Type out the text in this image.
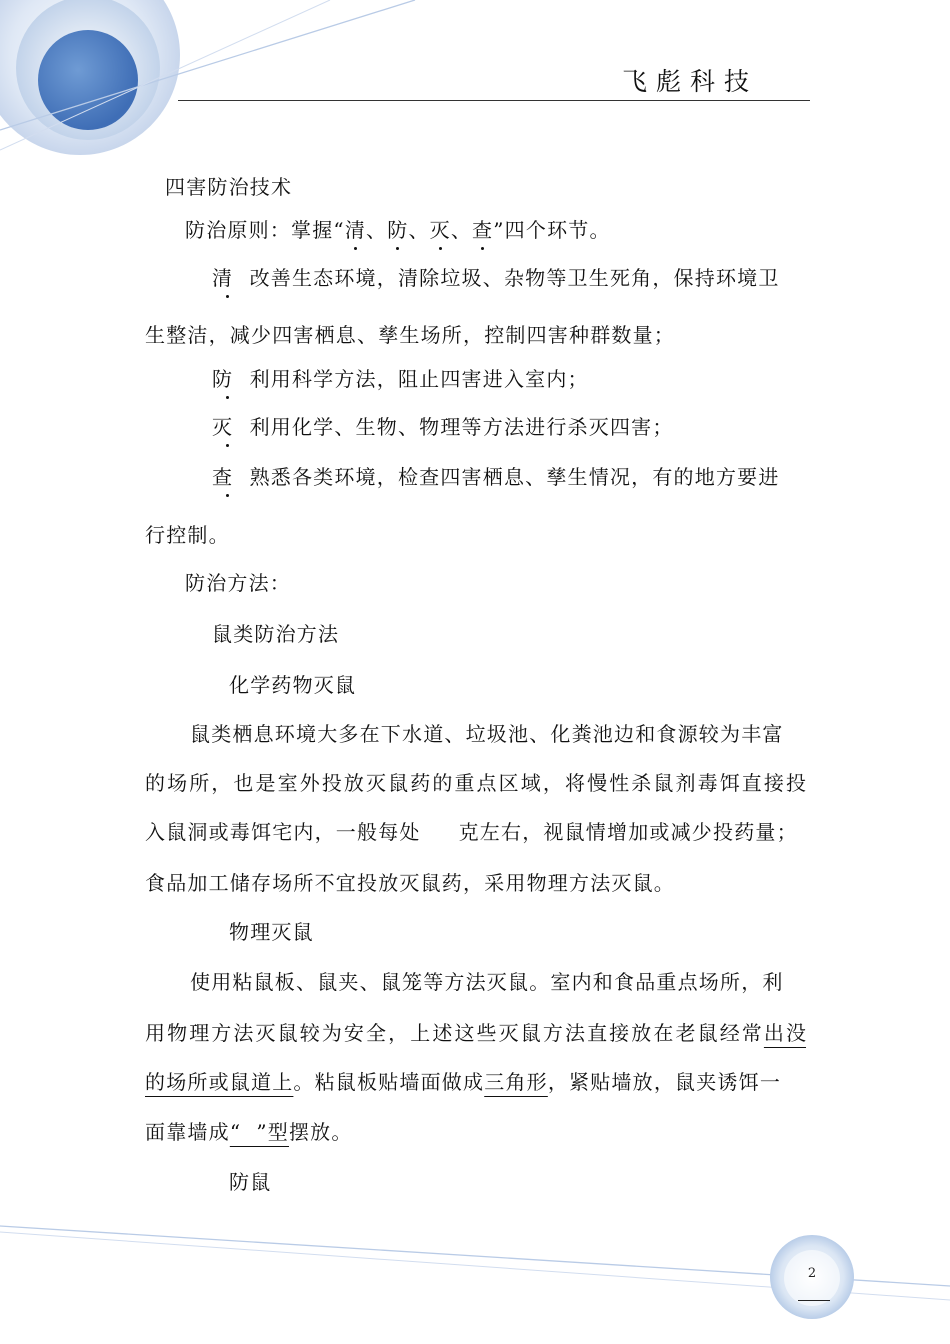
飞彪科技
四害防治技术
防治原则：掌握“清、防、灭、查”四个环节。
清 改善生态环境，清除垃圾、杂物等卫生死角，保持环境卫
生整洁，减少四害栖息、孳生场所，控制四害种群数量；
防 利用科学方法，阻止四害进入室内；
灭 利用化学、生物、物理等方法进行杀灭四害；
查 熟悉各类环境，检查四害栖息、孳生情况，有的地方要进
行控制。
防治方法：
鼠类防治方法
化学药物灭鼠
鼠类栖息环境大多在下水道、垃圾池、化粪池边和食源较为丰富
的场所，也是室外投放灭鼠药的重点区域，将慢性杀鼠剂毒饵直接投
入鼠洞或毒饵宅内，一般每处 克左右，视鼠情增加或减少投药量；
食品加工储存场所不宜投放灭鼠药，采用物理方法灭鼠。
物理灭鼠
使用粘鼠板、鼠夹、鼠笼等方法灭鼠。室内和食品重点场所，利
用物理方法灭鼠较为安全，上述这些灭鼠方法直接放在老鼠经常出没
的场所或鼠道上。粘鼠板贴墙面做成三角形，紧贴墙放，鼠夹诱饵一
面靠墙成“  ”型摆放。
防鼠
2
